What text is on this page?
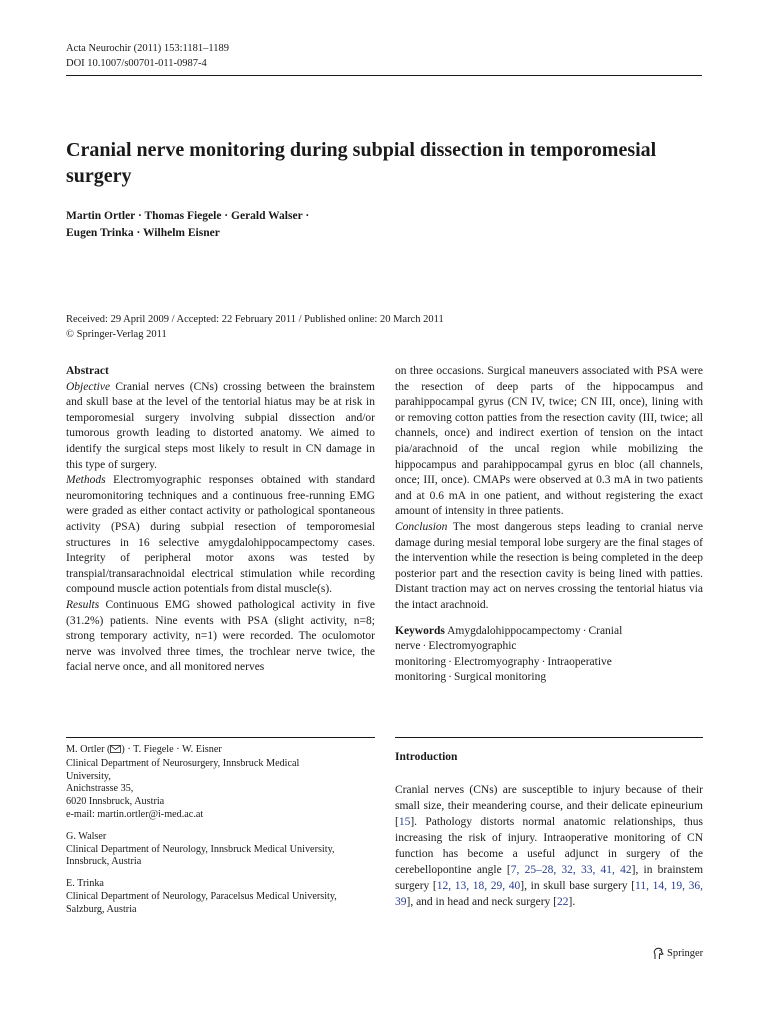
Acta Neurochir (2011) 153:1181–1189
DOI 10.1007/s00701-011-0987-4
Cranial nerve monitoring during subpial dissection in temporomesial surgery
Martin Ortler · Thomas Fiegele · Gerald Walser ·
Eugen Trinka · Wilhelm Eisner
Received: 29 April 2009 / Accepted: 22 February 2011 / Published online: 20 March 2011
© Springer-Verlag 2011

Abstract

Objective Cranial nerves (CNs) crossing between the brainstem and skull base at the level of the tentorial hiatus may be at risk in temporomesial surgery involving subpial dissection and/or tumorous growth leading to distorted anatomy. We aimed to identify the surgical steps most likely to result in CN damage in this type of surgery.

Methods Electromyographic responses obtained with standard neuromonitoring techniques and a continuous free-running EMG were graded as either contact activity or pathological spontaneous activity (PSA) during subpial resection of temporomesial structures in 16 selective amygdalohippocampectomy cases. Integrity of peripheral motor axons was tested by transpial/transarachnoidal electrical stimulation while recording compound muscle action potentials from distal muscle(s).

Results Continuous EMG showed pathological activity in five (31.2%) patients. Nine events with PSA (slight activity, n=8; strong temporary activity, n=1) were recorded. The oculomotor nerve was involved three times, the trochlear nerve twice, the facial nerve once, and all monitored nerves

on three occasions. Surgical maneuvers associated with PSA were the resection of deep parts of the hippocampus and parahippocampal gyrus (CN IV, twice; CN III, once), lining with or removing cotton patties from the resection cavity (III, twice; all channels, once) and indirect exertion of tension on the intact pia/arachnoid of the uncal region while mobilizing the hippocampus and parahippocampal gyrus en bloc (all channels, once; III, once). CMAPs were observed at 0.3 mA in two patients and at 0.6 mA in one patient, and without registering the exact amount of intensity in three patients.

Conclusion The most dangerous steps leading to cranial nerve damage during mesial temporal lobe surgery are the final stages of the intervention while the resection is being completed in the deep posterior part and the resection cavity is being lined with patties. Distant traction may act on nerves crossing the tentorial hiatus via the intact arachnoid.

Keywords Amygdalohippocampectomy · Cranial nerve · Electromyographic monitoring · Electromyography · Intraoperative monitoring · Surgical monitoring

M. Ortler ( ) · T. Fiegele · W. Eisner
Clinical Department of Neurosurgery, Innsbruck Medical
University,
Anichstrasse 35,
6020 Innsbruck, Austria
e-mail: martin.ortler@i-med.ac.at
G. Walser
Clinical Department of Neurology, Innsbruck Medical University,
Innsbruck, Austria
E. Trinka
Clinical Department of Neurology, Paracelsus Medical University,
Salzburg, Austria
Introduction
Cranial nerves (CNs) are susceptible to injury because of their small size, their meandering course, and their delicate epineurium [15]. Pathology distorts normal anatomic relationships, thus increasing the risk of injury. Intraoperative monitoring of CN function has become a useful adjunct in surgery of the cerebellopontine angle [7, 25–28, 32, 33, 41, 42], in brainstem surgery [12, 13, 18, 29, 40], in skull base surgery [11, 14, 19, 36, 39], and in head and neck surgery [22].
Springer
